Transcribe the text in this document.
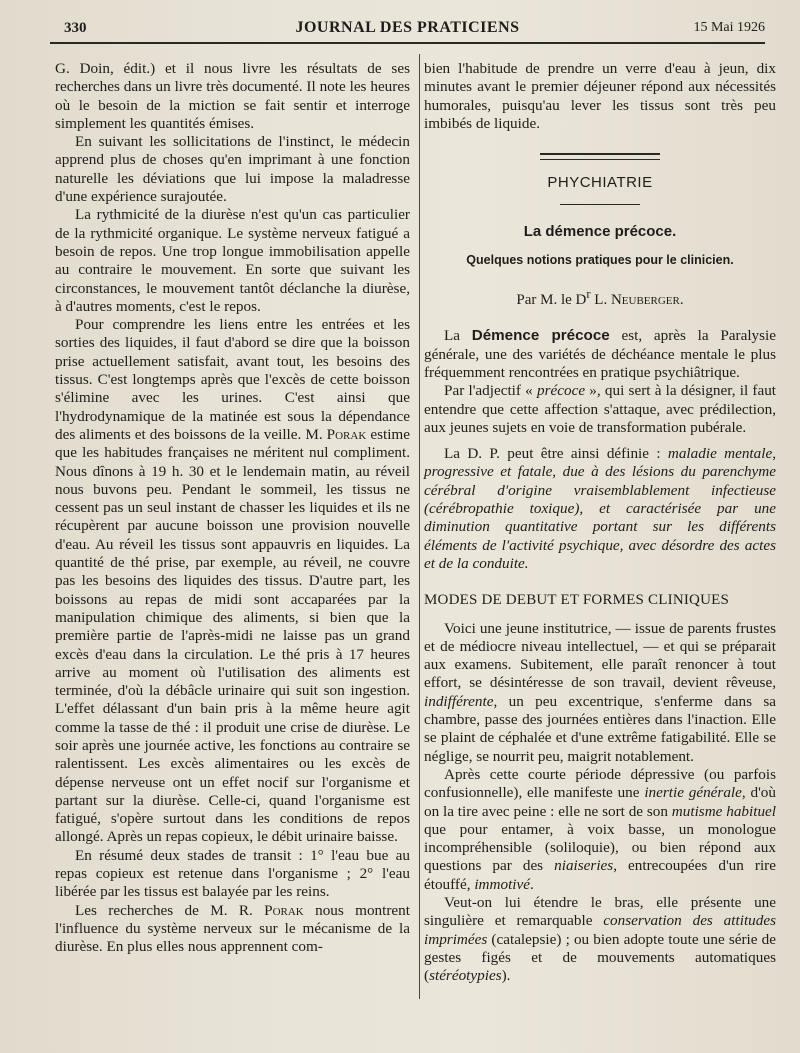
330	JOURNAL DES PRATICIENS	15 Mai 1926

G. Doin, édit.) et il nous livre les résultats de ses recherches dans un livre très documenté. Il note les heures où le besoin de la miction se fait sentir et interroge simplement les quantités émises.

En suivant les sollicitations de l'instinct, le médecin apprend plus de choses qu'en imprimant à une fonction naturelle les déviations que lui impose la maladresse d'une expérience surajoutée.

La rythmicité de la diurèse n'est qu'un cas particulier de la rythmicité organique. Le système nerveux fatigué a besoin de repos. Une trop longue immobilisation appelle au contraire le mouvement. En sorte que suivant les circonstances, le mouvement tantôt déclanche la diurèse, à d'autres moments, c'est le repos.

Pour comprendre les liens entre les entrées et les sorties des liquides, il faut d'abord se dire que la boisson prise actuellement satisfait, avant tout, les besoins des tissus. C'est longtemps après que l'excès de cette boisson s'élimine avec les urines. C'est ainsi que l'hydrodynamique de la matinée est sous la dépendance des aliments et des boissons de la veille. M. Porak estime que les habitudes françaises ne méritent nul compliment. Nous dînons à 19 h. 30 et le lendemain matin, au réveil nous buvons peu. Pendant le sommeil, les tissus ne cessent pas un seul instant de chasser les liquides et ils ne récupèrent par aucune boisson une provision nouvelle d'eau. Au réveil les tissus sont appauvris en liquides. La quantité de thé prise, par exemple, au réveil, ne couvre pas les besoins des liquides des tissus. D'autre part, les boissons au repas de midi sont accaparées par la manipulation chimique des aliments, si bien que la première partie de l'après-midi ne laisse pas un grand excès d'eau dans la circulation. Le thé pris à 17 heures arrive au moment où l'utilisation des aliments est terminée, d'où la débâcle urinaire qui suit son ingestion. L'effet délassant d'un bain pris à la même heure agit comme la tasse de thé : il produit une crise de diurèse. Le soir après une journée active, les fonctions au contraire se ralentissent. Les excès alimentaires ou les excès de dépense nerveuse ont un effet nocif sur l'organisme et partant sur la diurèse. Celle-ci, quand l'organisme est fatigué, s'opère surtout dans les conditions de repos allongé. Après un repas copieux, le débit urinaire baisse.

En résumé deux stades de transit : 1° l'eau bue au repas copieux est retenue dans l'organisme ; 2° l'eau libérée par les tissus est balayée par les reins.

Les recherches de M. R. Porak nous montrent l'influence du système nerveux sur le mécanisme de la diurèse. En plus elles nous apprennent com-

bien l'habitude de prendre un verre d'eau à jeun, dix minutes avant le premier déjeuner répond aux nécessités humorales, puisqu'au lever les tissus sont très peu imbibés de liquide.

PHYCHIATRIE
La démence précoce.
Quelques notions pratiques pour le clinicien.
Par M. le $D^r$ L. Neuberger.

La Démence précoce est, après la Paralysie générale, une des variétés de déchéance mentale le plus fréquemment rencontrées en pratique psychiâtrique.

Par l'adjectif « précoce », qui sert à la désigner, il faut entendre que cette affection s'attaque, avec prédilection, aux jeunes sujets en voie de transformation pubérale.

La D. P. peut être ainsi définie : maladie mentale, progressive et fatale, due à des lésions du parenchyme cérébral d'origine vraisemblablement infectieuse (cérébropathie toxique), et caractérisée par une diminution quantitative portant sur les différents éléments de l'activité psychique, avec désordre des actes et de la conduite.

MODES DE DEBUT ET FORMES CLINIQUES

Voici une jeune institutrice, — issue de parents frustes et de médiocre niveau intellectuel, — et qui se préparait aux examens. Subitement, elle paraît renoncer à tout effort, se désintéresse de son travail, devient rêveuse, indifférente, un peu excentrique, s'enferme dans sa chambre, passe des journées entières dans l'inaction. Elle se plaint de céphalée et d'une extrême fatigabilité. Elle se néglige, se nourrit peu, maigrit notablement.

Après cette courte période dépressive (ou parfois confusionnelle), elle manifeste une inertie générale, d'où on la tire avec peine : elle ne sort de son mutisme habituel que pour entamer, à voix basse, un monologue incompréhensible (soliloquie), ou bien répond aux questions par des niaiseries, entrecoupées d'un rire étouffé, immotivé.

Veut-on lui étendre le bras, elle présente une singulière et remarquable conservation des attitudes imprimées (catalepsie) ; ou bien adopte toute une série de gestes figés et de mouvements automatiques (stéréotypies).
